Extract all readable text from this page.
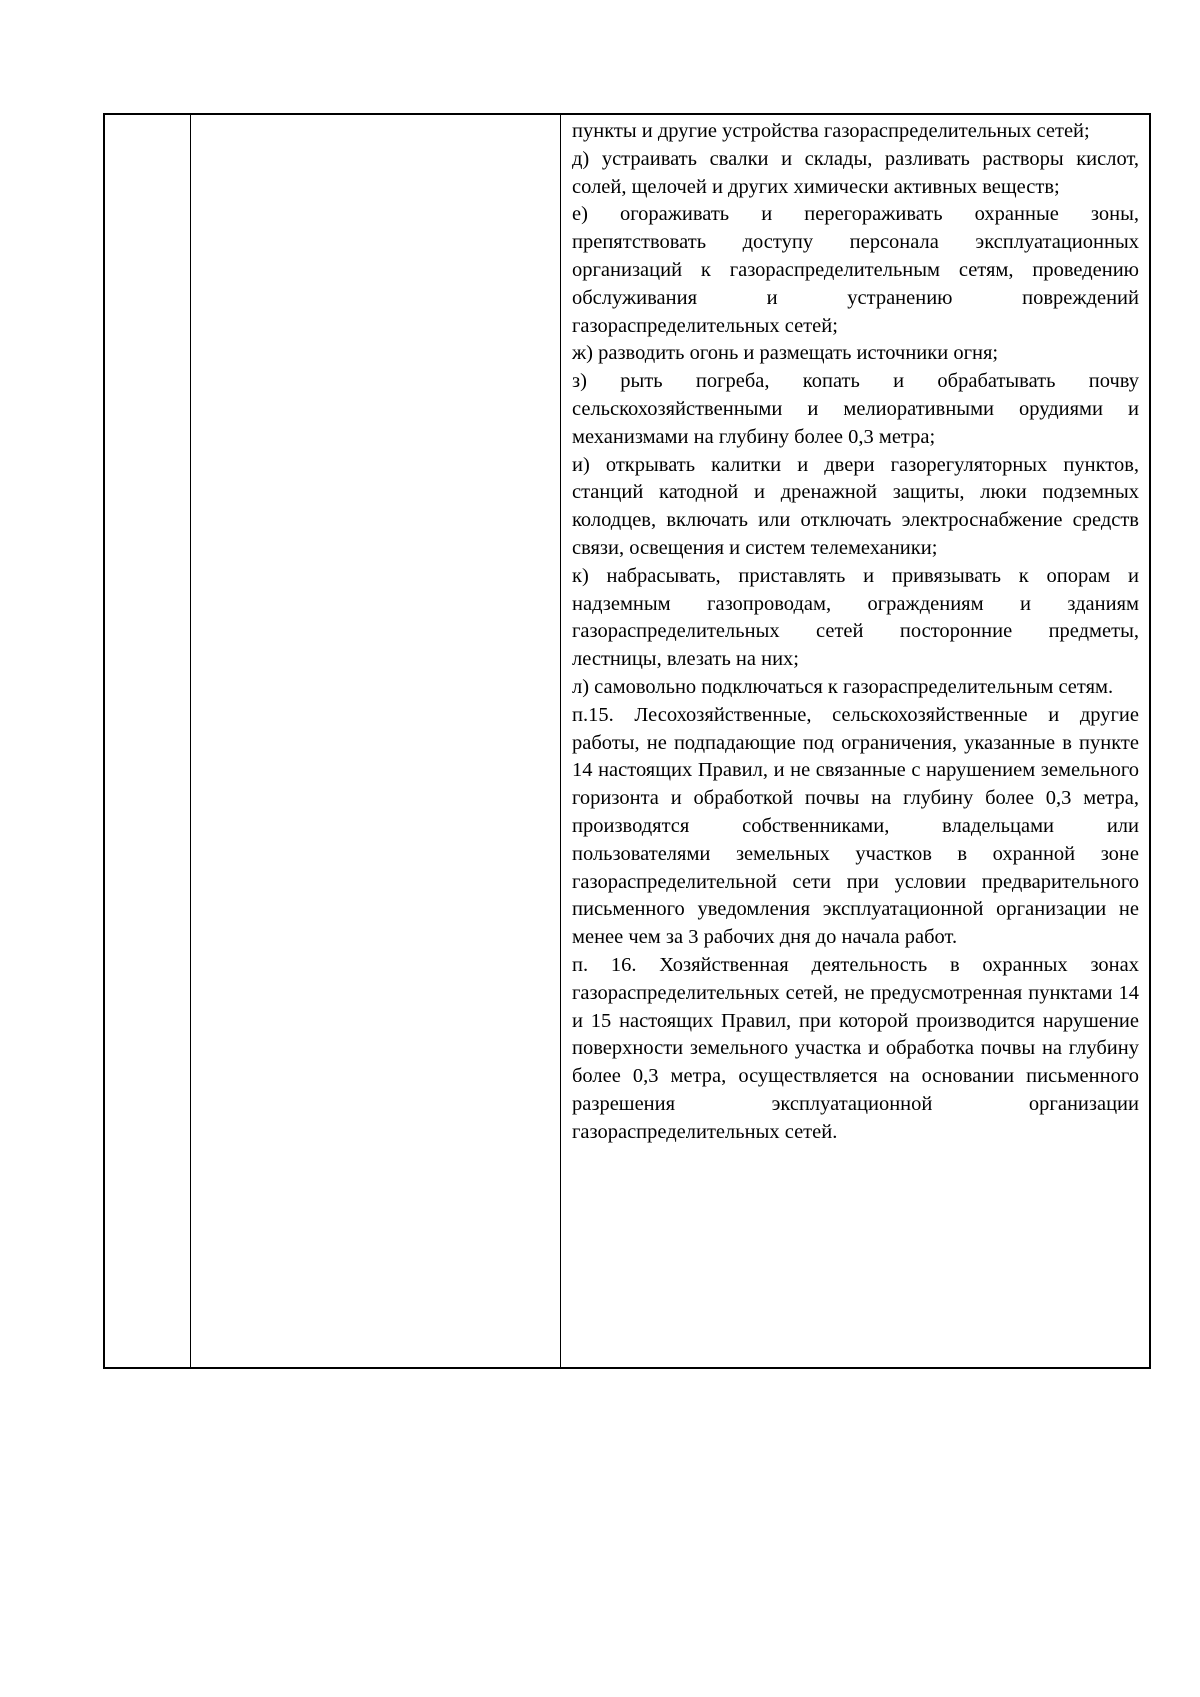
пункты и другие устройства газораспределительных сетей;

д) устраивать свалки и склады, разливать растворы кислот, солей, щелочей и других химически активных веществ;

е) огораживать и перегораживать охранные зоны, препятствовать доступу персонала эксплуатационных организаций к газораспределительным сетям, проведению обслуживания и устранению повреждений газораспределительных сетей;

ж) разводить огонь и размещать источники огня;

з) рыть погреба, копать и обрабатывать почву сельскохозяйственными и мелиоративными орудиями и механизмами на глубину более 0,3 метра;

и) открывать калитки и двери газорегуляторных пунктов, станций катодной и дренажной защиты, люки подземных колодцев, включать или отключать электроснабжение средств связи, освещения и систем телемеханики;

к) набрасывать, приставлять и привязывать к опорам и надземным газопроводам, ограждениям и зданиям газораспределительных сетей посторонние предметы, лестницы, влезать на них;

л) самовольно подключаться к газораспределительным сетям.

п.15. Лесохозяйственные, сельскохозяйственные и другие работы, не подпадающие под ограничения, указанные в пункте 14 настоящих Правил, и не связанные с нарушением земельного горизонта и обработкой почвы на глубину более 0,3 метра, производятся собственниками, владельцами или пользователями земельных участков в охранной зоне газораспределительной сети при условии предварительного письменного уведомления эксплуатационной организации не менее чем за 3 рабочих дня до начала работ.

п. 16. Хозяйственная деятельность в охранных зонах газораспределительных сетей, не предусмотренная пунктами 14 и 15 настоящих Правил, при которой производится нарушение поверхности земельного участка и обработка почвы на глубину более 0,3 метра, осуществляется на основании письменного разрешения эксплуатационной организации газораспределительных сетей.
